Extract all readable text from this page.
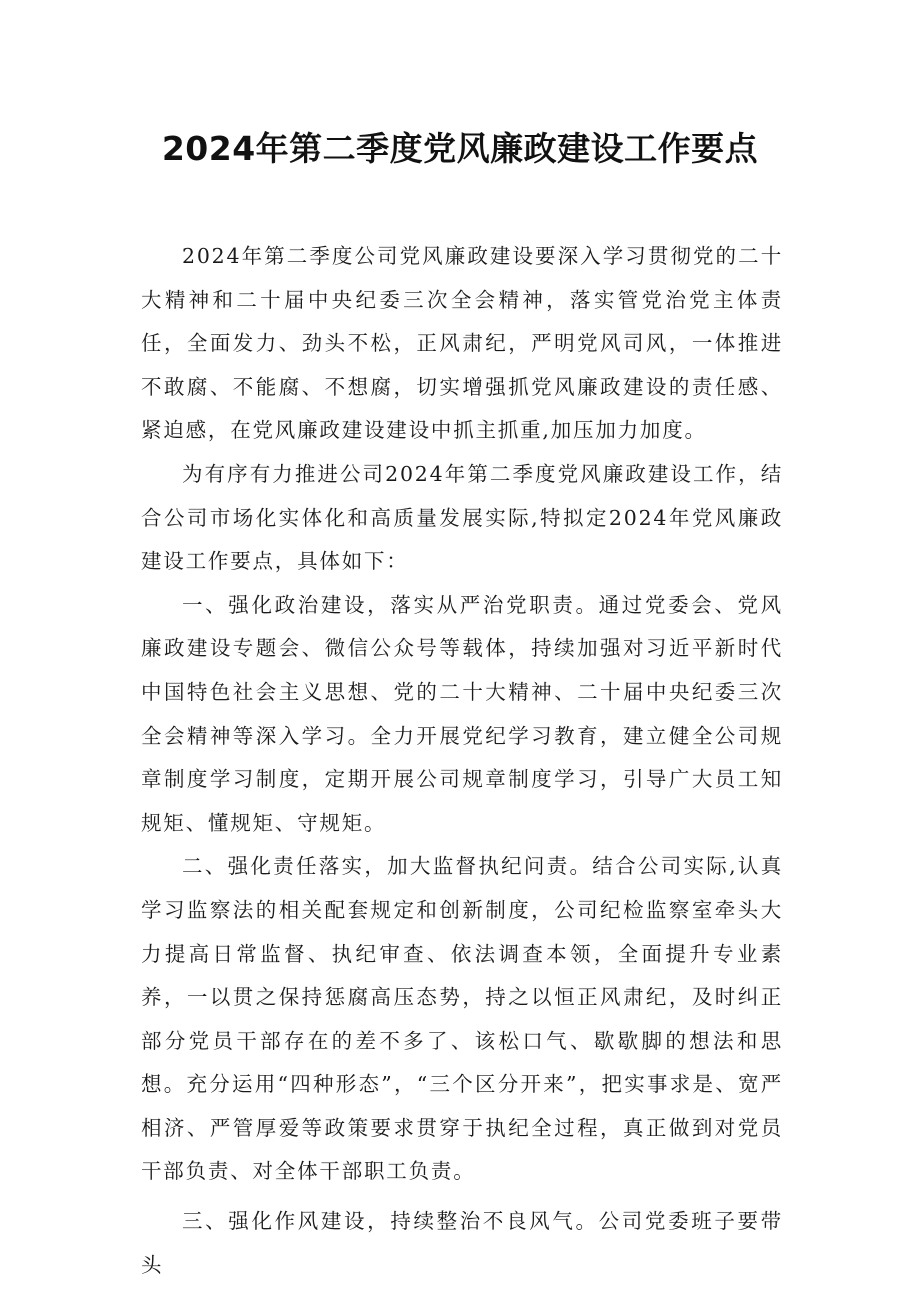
2024年第二季度党风廉政建设工作要点

2024年第二季度公司党风廉政建设要深入学习贯彻党的二十大精神和二十届中央纪委三次全会精神，落实管党治党主体责任，全面发力、劲头不松，正风肃纪，严明党风司风，一体推进不敢腐、不能腐、不想腐，切实增强抓党风廉政建设的责任感、紧迫感，在党风廉政建设建设中抓主抓重,加压加力加度。

为有序有力推进公司2024年第二季度党风廉政建设工作，结合公司市场化实体化和高质量发展实际,特拟定2024年党风廉政建设工作要点，具体如下：

一、强化政治建设，落实从严治党职责。通过党委会、党风廉政建设专题会、微信公众号等载体，持续加强对习近平新时代中国特色社会主义思想、党的二十大精神、二十届中央纪委三次全会精神等深入学习。全力开展党纪学习教育，建立健全公司规章制度学习制度，定期开展公司规章制度学习，引导广大员工知规矩、懂规矩、守规矩。

二、强化责任落实，加大监督执纪问责。结合公司实际,认真学习监察法的相关配套规定和创新制度，公司纪检监察室牵头大力提高日常监督、执纪审查、依法调查本领，全面提升专业素养，一以贯之保持惩腐高压态势，持之以恒正风肃纪，及时纠正部分党员干部存在的差不多了、该松口气、歇歇脚的想法和思想。充分运用“四种形态”，“三个区分开来”，把实事求是、宽严相济、严管厚爱等政策要求贯穿于执纪全过程，真正做到对党员干部负责、对全体干部职工负责。

三、强化作风建设，持续整治不良风气。公司党委班子要带头
